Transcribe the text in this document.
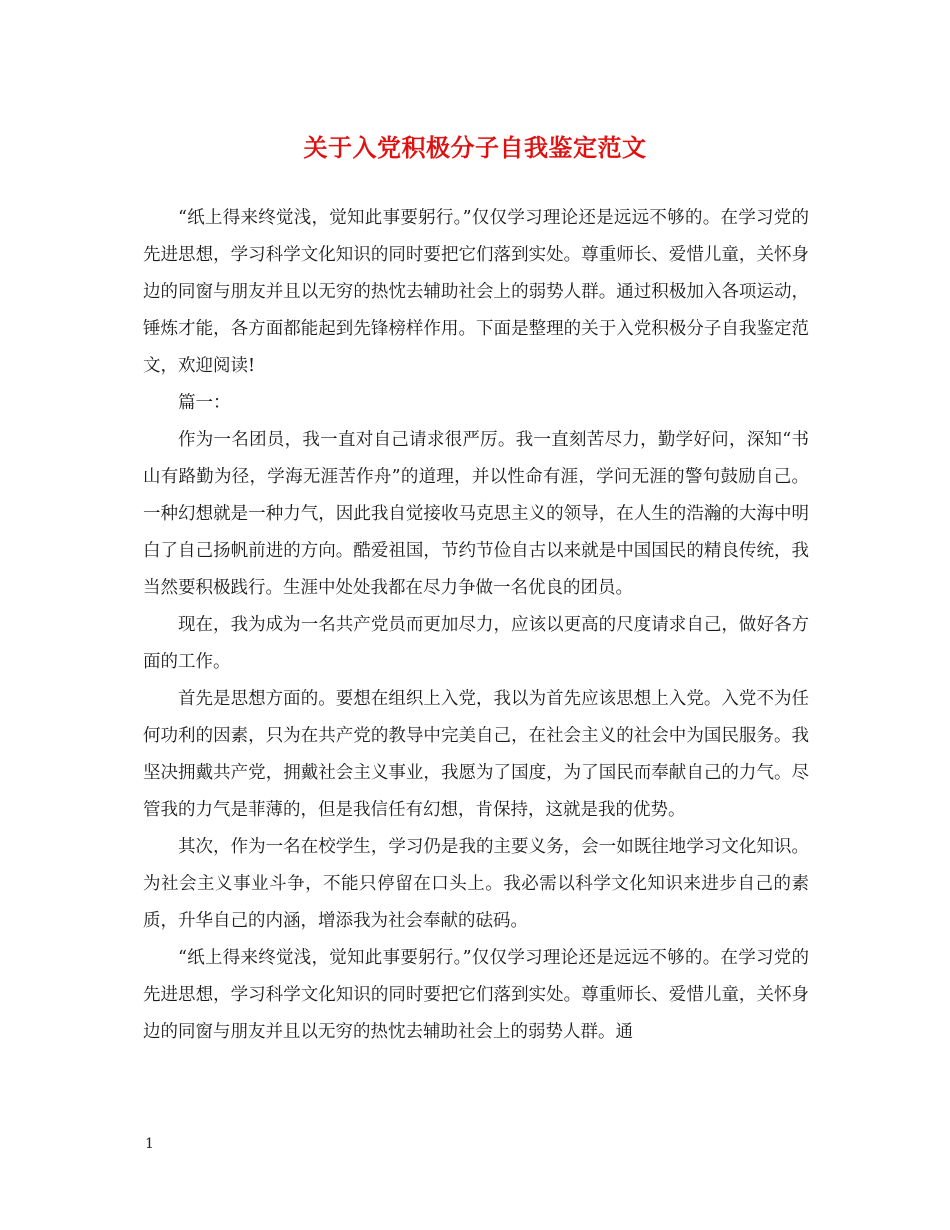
关于入党积极分子自我鉴定范文

“纸上得来终觉浅，觉知此事要躬行。”仅仅学习理论还是远远不够的。在学习党的先进思想，学习科学文化知识的同时要把它们落到实处。尊重师长、爱惜儿童，关怀身边的同窗与朋友并且以无穷的热忱去辅助社会上的弱势人群。通过积极加入各项运动，锤炼才能，各方面都能起到先锋榜样作用。下面是整理的关于入党积极分子自我鉴定范文，欢迎阅读!

篇一：

作为一名团员，我一直对自己请求很严厉。我一直刻苦尽力，勤学好问，深知“书山有路勤为径，学海无涯苦作舟”的道理，并以性命有涯，学问无涯的警句鼓励自己。一种幻想就是一种力气，因此我自觉接收马克思主义的领导，在人生的浩瀚的大海中明白了自己扬帆前进的方向。酷爱祖国，节约节俭自古以来就是中国国民的精良传统，我当然要积极践行。生涯中处处我都在尽力争做一名优良的团员。

现在，我为成为一名共产党员而更加尽力，应该以更高的尺度请求自己，做好各方面的工作。

首先是思想方面的。要想在组织上入党，我以为首先应该思想上入党。入党不为任何功利的因素，只为在共产党的教导中完美自己，在社会主义的社会中为国民服务。我坚决拥戴共产党，拥戴社会主义事业，我愿为了国度，为了国民而奉献自己的力气。尽管我的力气是菲薄的，但是我信任有幻想，肯保持，这就是我的优势。

其次，作为一名在校学生，学习仍是我的主要义务，会一如既往地学习文化知识。为社会主义事业斗争，不能只停留在口头上。我必需以科学文化知识来进步自己的素质，升华自己的内涵，增添我为社会奉献的砝码。

“纸上得来终觉浅，觉知此事要躬行。”仅仅学习理论还是远远不够的。在学习党的先进思想，学习科学文化知识的同时要把它们落到实处。尊重师长、爱惜儿童，关怀身边的同窗与朋友并且以无穷的热忱去辅助社会上的弱势人群。通

1
